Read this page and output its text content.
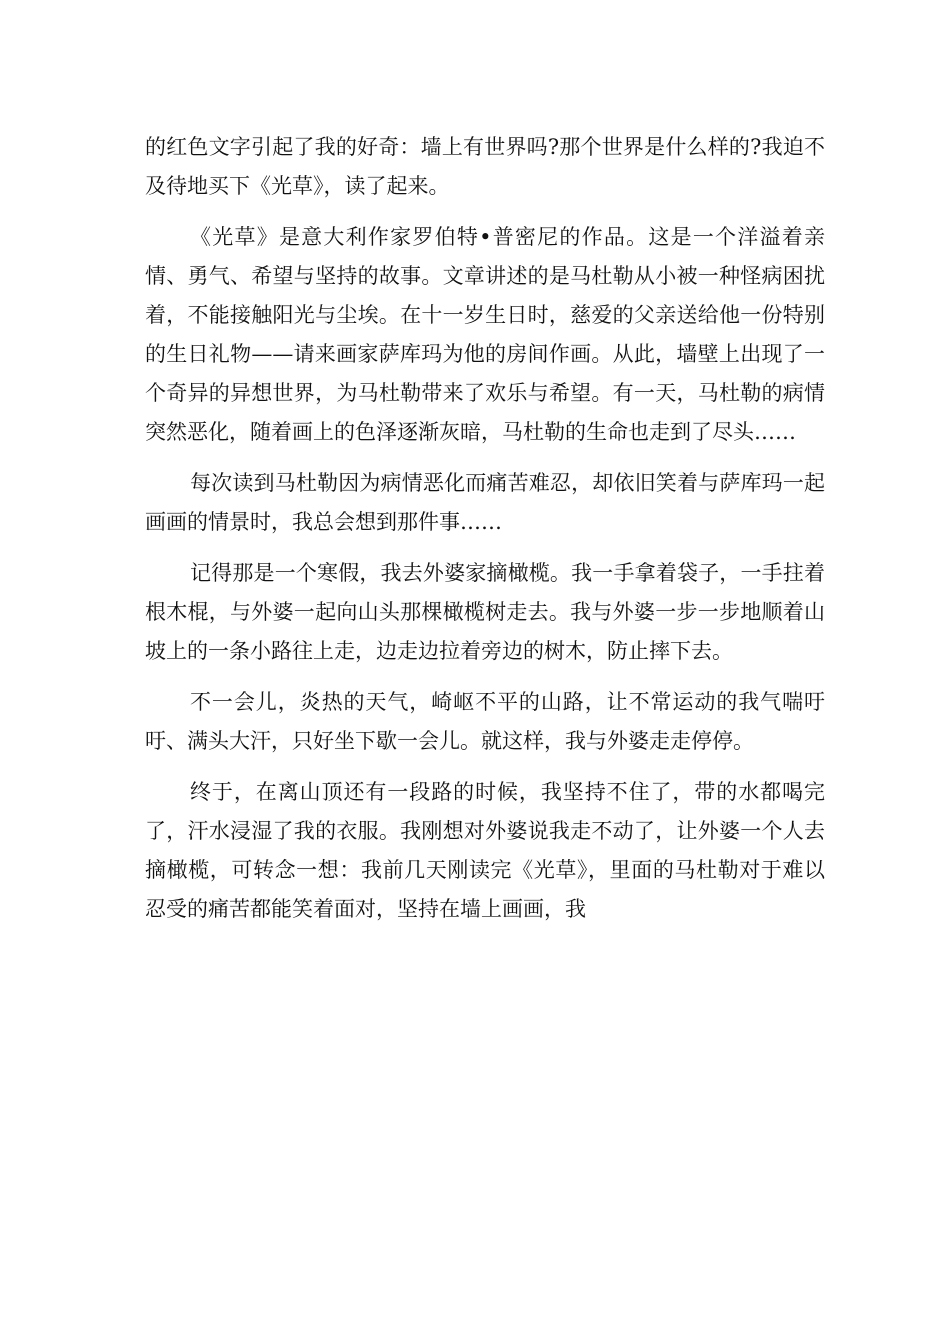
的红色文字引起了我的好奇：墙上有世界吗?那个世界是什么样的?我迫不及待地买下《光草》，读了起来。

《光草》是意大利作家罗伯特•普密尼的作品。这是一个洋溢着亲情、勇气、希望与坚持的故事。文章讲述的是马杜勒从小被一种怪病困扰着，不能接触阳光与尘埃。在十一岁生日时，慈爱的父亲送给他一份特别的生日礼物——请来画家萨库玛为他的房间作画。从此，墙壁上出现了一个奇异的异想世界，为马杜勒带来了欢乐与希望。有一天，马杜勒的病情突然恶化，随着画上的色泽逐渐灰暗，马杜勒的生命也走到了尽头……

每次读到马杜勒因为病情恶化而痛苦难忍，却依旧笑着与萨库玛一起画画的情景时，我总会想到那件事……

记得那是一个寒假，我去外婆家摘橄榄。我一手拿着袋子，一手拄着根木棍，与外婆一起向山头那棵橄榄树走去。我与外婆一步一步地顺着山坡上的一条小路往上走，边走边拉着旁边的树木，防止摔下去。

不一会儿，炎热的天气，崎岖不平的山路，让不常运动的我气喘吁吁、满头大汗，只好坐下歇一会儿。就这样，我与外婆走走停停。

终于，在离山顶还有一段路的时候，我坚持不住了，带的水都喝完了，汗水浸湿了我的衣服。我刚想对外婆说我走不动了，让外婆一个人去摘橄榄，可转念一想：我前几天刚读完《光草》，里面的马杜勒对于难以忍受的痛苦都能笑着面对，坚持在墙上画画，我
